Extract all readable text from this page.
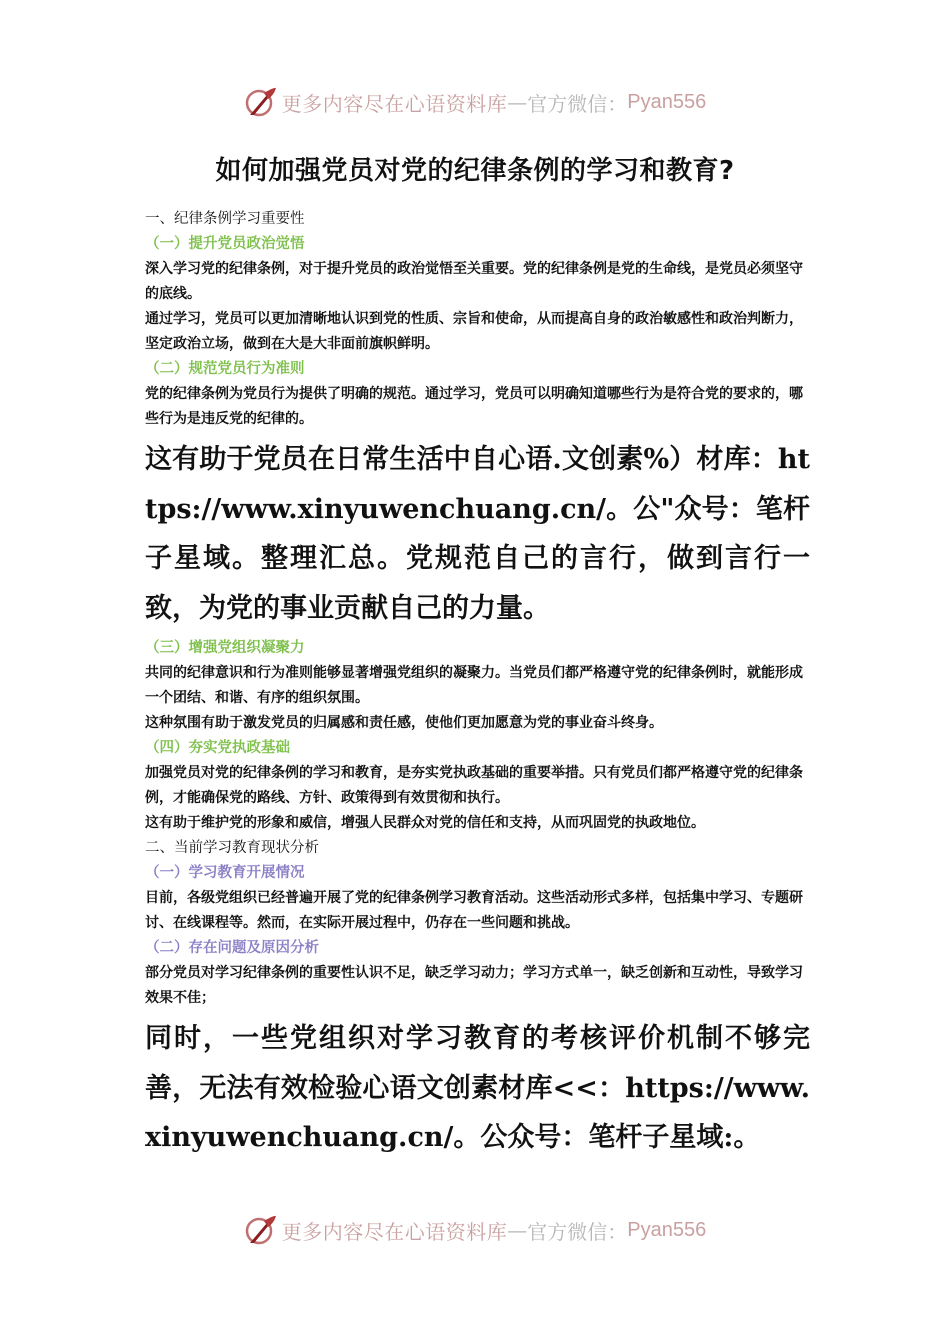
更多内容尽在心语资料库 — 官方微信： Pyan556
如何加强党员对党的纪律条例的学习和教育?
一、纪律条例学习重要性
（一）提升党员政治觉悟
深入学习党的纪律条例，对于提升党员的政治觉悟至关重要。党的纪律条例是党的生命线，是党员必须坚守的底线。
通过学习，党员可以更加清晰地认识到党的性质、宗旨和使命，从而提高自身的政治敏感性和政治判断力，坚定政治立场，做到在大是大非面前旗帜鲜明。
（二）规范党员行为准则
党的纪律条例为党员行为提供了明确的规范。通过学习，党员可以明确知道哪些行为是符合党的要求的，哪些行为是违反党的纪律的。
这有助于党员在日常生活中自心语.文创素%）材库：https://www.xinyuwenchuang.cn/。公"众号：笔杆子星域。整理汇总。党规范自己的言行，做到言行一致，为党的事业贡献自己的力量。
（三）增强党组织凝聚力
共同的纪律意识和行为准则能够显著增强党组织的凝聚力。当党员们都严格遵守党的纪律条例时，就能形成一个团结、和谐、有序的组织氛围。
这种氛围有助于激发党员的归属感和责任感，使他们更加愿意为党的事业奋斗终身。
（四）夯实党执政基础
加强党员对党的纪律条例的学习和教育，是夯实党执政基础的重要举措。只有党员们都严格遵守党的纪律条例，才能确保党的路线、方针、政策得到有效贯彻和执行。
这有助于维护党的形象和威信，增强人民群众对党的信任和支持，从而巩固党的执政地位。
二、当前学习教育现状分析
（一）学习教育开展情况
目前，各级党组织已经普遍开展了党的纪律条例学习教育活动。这些活动形式多样，包括集中学习、专题研讨、在线课程等。然而，在实际开展过程中，仍存在一些问题和挑战。
（二）存在问题及原因分析
部分党员对学习纪律条例的重要性认识不足，缺乏学习动力；学习方式单一，缺乏创新和互动性，导致学习效果不佳；
同时，一些党组织对学习教育的考核评价机制不够完善，无法有效检验心语文创素材库<<：https://www.xinyuwenchuang.cn/。公众号：笔杆子星域:。
更多内容尽在心语资料库 — 官方微信： Pyan556
